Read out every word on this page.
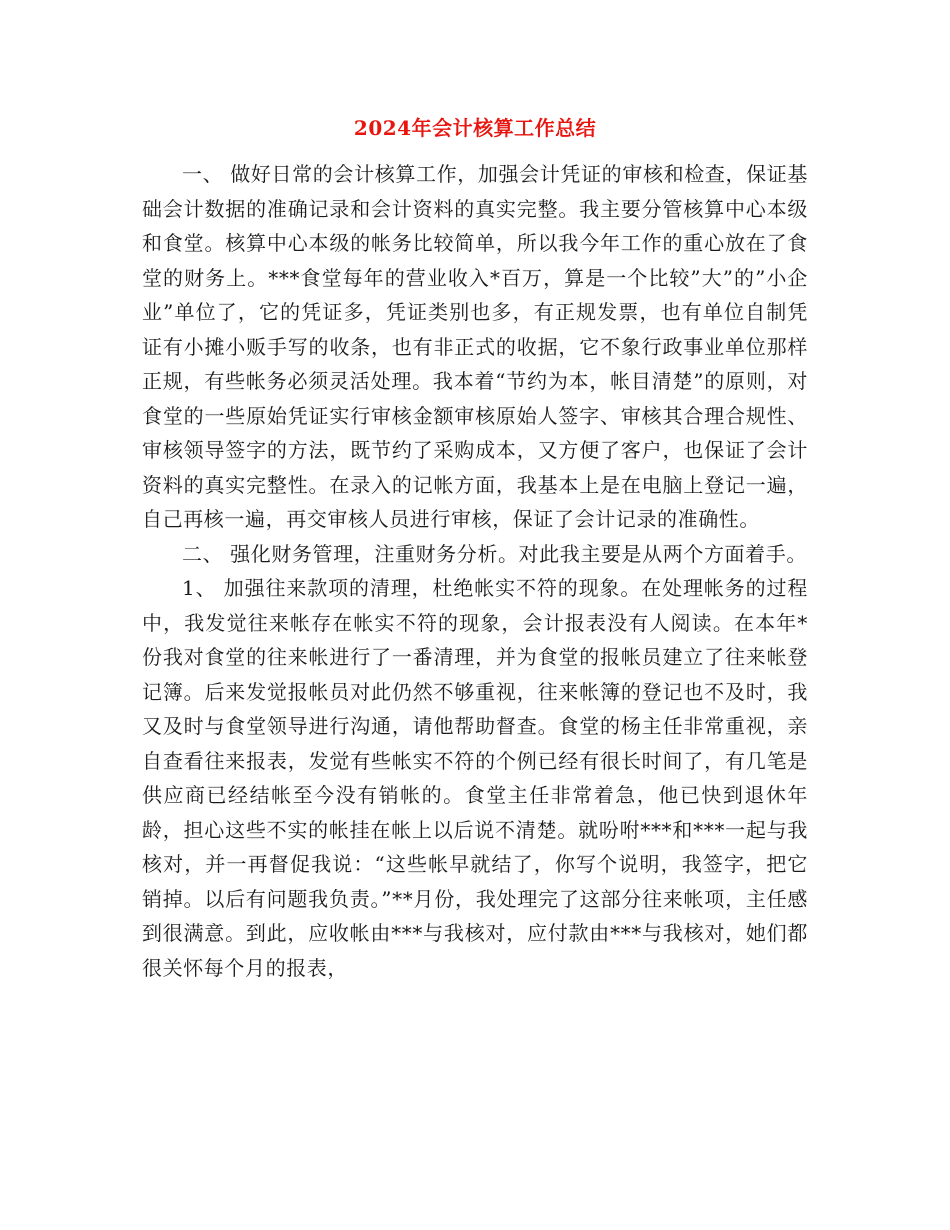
2024年会计核算工作总结

一、 做好日常的会计核算工作，加强会计凭证的审核和检查，保证基础会计数据的准确记录和会计资料的真实完整。我主要分管核算中心本级和食堂。核算中心本级的帐务比较简单，所以我今年工作的重心放在了食堂的财务上。***食堂每年的营业收入*百万，算是一个比较”大”的”小企业”单位了，它的凭证多，凭证类别也多，有正规发票，也有单位自制凭证有小摊小贩手写的收条，也有非正式的收据，它不象行政事业单位那样正规，有些帐务必须灵活处理。我本着“节约为本，帐目清楚”的原则，对食堂的一些原始凭证实行审核金额审核原始人签字、审核其合理合规性、审核领导签字的方法，既节约了采购成本，又方便了客户，也保证了会计资料的真实完整性。在录入的记帐方面，我基本上是在电脑上登记一遍，自己再核一遍，再交审核人员进行审核，保证了会计记录的准确性。

二、 强化财务管理，注重财务分析。对此我主要是从两个方面着手。

1、 加强往来款项的清理，杜绝帐实不符的现象。在处理帐务的过程中，我发觉往来帐存在帐实不符的现象，会计报表没有人阅读。在本年*份我对食堂的往来帐进行了一番清理，并为食堂的报帐员建立了往来帐登记簿。后来发觉报帐员对此仍然不够重视，往来帐簿的登记也不及时，我又及时与食堂领导进行沟通，请他帮助督查。食堂的杨主任非常重视，亲自查看往来报表，发觉有些帐实不符的个例已经有很长时间了，有几笔是供应商已经结帐至今没有销帐的。食堂主任非常着急，他已快到退休年龄，担心这些不实的帐挂在帐上以后说不清楚。就吩咐***和***一起与我核对，并一再督促我说：“这些帐早就结了，你写个说明，我签字，把它销掉。以后有问题我负责。”**月份，我处理完了这部分往来帐项，主任感到很满意。到此，应收帐由***与我核对，应付款由***与我核对，她们都很关怀每个月的报表，
